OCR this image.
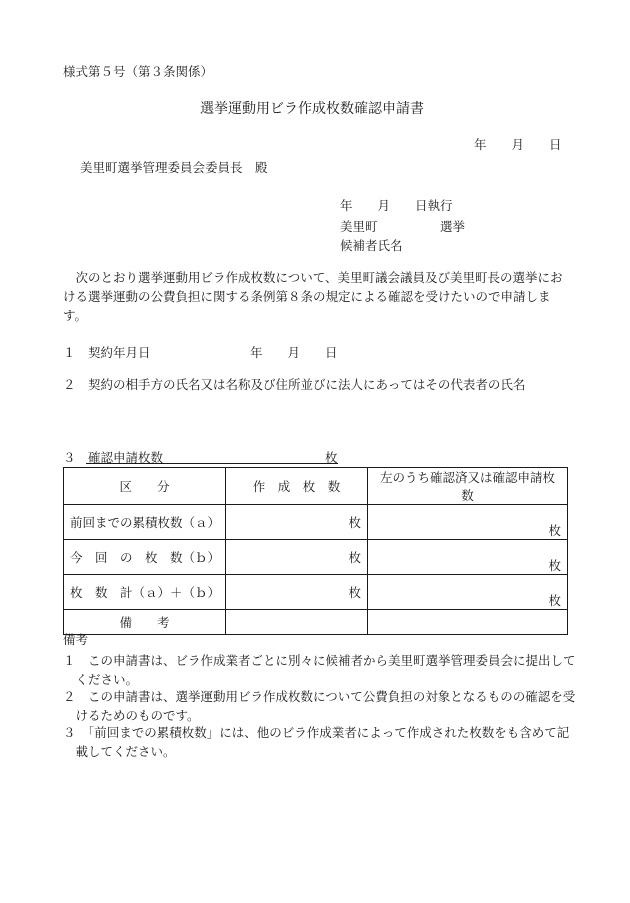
様式第５号（第３条関係）
選挙運動用ビラ作成枚数確認申請書
年　　月　　日
美里町選挙管理委員会委員長　殿
年　　月　　日執行
美里町　　　　　選挙
候補者氏名
次のとおり選挙運動用ビラ作成枚数について、美里町議会議員及び美里町長の選挙における選挙運動の公費負担に関する条例第８条の規定による確認を受けたいので申請します。
１　契約年月日	年　　月　　日
２　契約の相手方の氏名又は名称及び住所並びに法人にあってはその代表者の氏名
３　確認申請枚数	枚
区　　分	作　成　枚　数	左のうち確認済又は確認申請枚数
前回までの累積枚数（ａ）	枚	枚
今　回　の　枚　数（ｂ）	枚	枚
枚　数　計（ａ）＋（ｂ）	枚	枚
備　　考		
備考
１　この申請書は、ビラ作成業者ごとに別々に候補者から美里町選挙管理委員会に提出してください。
２　この申請書は、選挙運動用ビラ作成枚数について公費負担の対象となるものの確認を受けるためのものです。
３　「前回までの累積枚数」には、他のビラ作成業者によって作成された枚数をも含めて記載してください。
